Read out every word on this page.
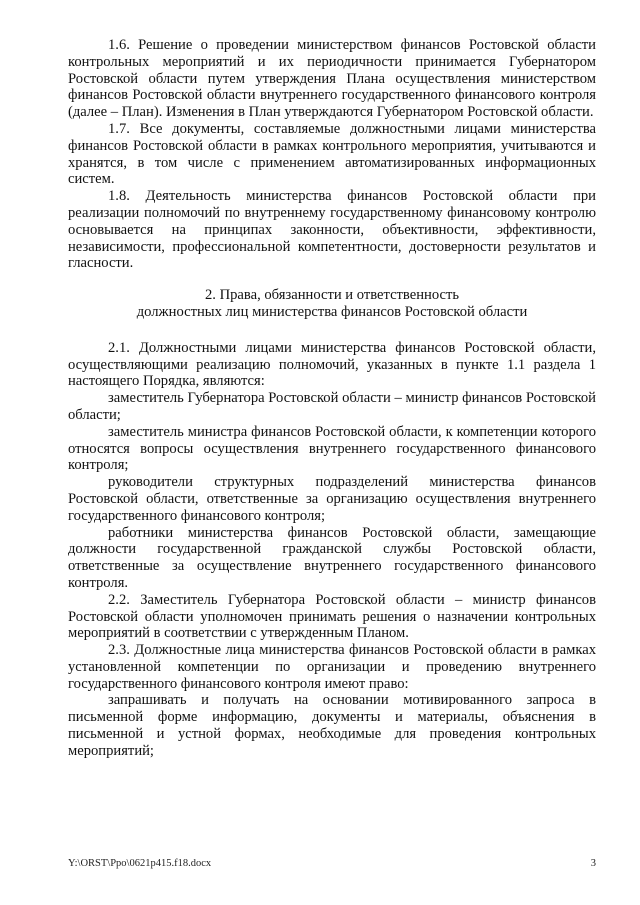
1.6. Решение о проведении министерством финансов Ростовской области контрольных мероприятий и их периодичности принимается Губернатором Ростовской области путем утверждения Плана осуществления министерством финансов Ростовской области внутреннего государственного финансового контроля (далее – План). Изменения в План утверждаются Губернатором Ростовской области.

1.7. Все документы, составляемые должностными лицами министерства финансов Ростовской области в рамках контрольного мероприятия, учитываются и хранятся, в том числе с применением автоматизированных информационных систем.

1.8. Деятельность министерства финансов Ростовской области при реализации полномочий по внутреннему государственному финансовому контролю основывается на принципах законности, объективности, эффективности, независимости, профессиональной компетентности, достоверности результатов и гласности.

2. Права, обязанности и ответственность

должностных лиц министерства финансов Ростовской области

2.1. Должностными лицами министерства финансов Ростовской области, осуществляющими реализацию полномочий, указанных в пункте 1.1 раздела 1 настоящего Порядка, являются:

заместитель Губернатора Ростовской области – министр финансов Ростовской области;

заместитель министра финансов Ростовской области, к компетенции которого относятся вопросы осуществления внутреннего государственного финансового контроля;

руководители структурных подразделений министерства финансов Ростовской области, ответственные за организацию осуществления внутреннего государственного финансового контроля;

работники министерства финансов Ростовской области, замещающие должности государственной гражданской службы Ростовской области, ответственные за осуществление внутреннего государственного финансового контроля.

2.2. Заместитель Губернатора Ростовской области – министр финансов Ростовской области уполномочен принимать решения о назначении контрольных мероприятий в соответствии с утвержденным Планом.

2.3. Должностные лица министерства финансов Ростовской области в рамках установленной компетенции по организации и проведению внутреннего государственного финансового контроля имеют право:

запрашивать и получать на основании мотивированного запроса в письменной форме информацию, документы и материалы, объяснения в письменной и устной формах, необходимые для проведения контрольных мероприятий;

Y:\ORST\Ppo\0621p415.f18.docx	3
